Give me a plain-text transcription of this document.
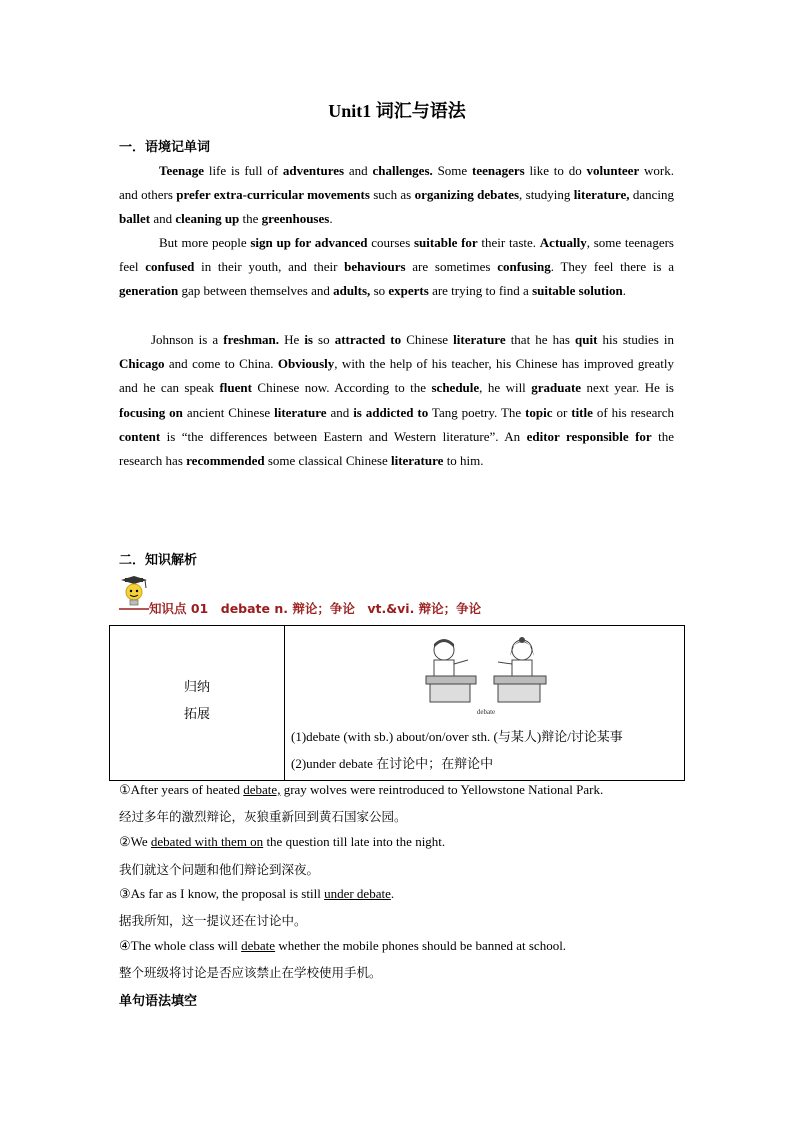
Unit1 词汇与语法
一．语境记单词
Teenage life is full of adventures and challenges. Some teenagers like to do volunteer work. and others prefer extra-curricular movements such as organizing debates, studying literature, dancing ballet and cleaning up the greenhouses.
But more people sign up for advanced courses suitable for their taste. Actually, some teenagers feel confused in their youth, and their behaviours are sometimes confusing. They feel there is a generation gap between themselves and adults, so experts are trying to find a suitable solution.
Johnson is a freshman. He is so attracted to Chinese literature that he has quit his studies in Chicago and come to China. Obviously, with the help of his teacher, his Chinese has improved greatly and he can speak fluent Chinese now. According to the schedule, he will graduate next year. He is focusing on ancient Chinese literature and is addicted to Tang poetry. The topic or title of his research content is “the differences between Eastern and Western literature”. An editor responsible for the research has recommended some classical Chinese literature to him.
二．知识解析
知识点 01　debate n. 辩论；争论　vt.&vi. 辩论；争论
归纳
拓展	debate
(1)debate (with sb.) about/on/over sth. (与某人)辩论/讨论某事
(2)under debate 在讨论中；在辩论中
①After years of heated debate, gray wolves were reintroduced to Yellowstone National Park.
经过多年的激烈辩论，灰狼重新回到黄石国家公园。
②We debated with them on the question till late into the night.
我们就这个问题和他们辩论到深夜。
③As far as I know, the proposal is still under debate.
据我所知，这一提议还在讨论中。
④The whole class will debate whether the mobile phones should be banned at school.
整个班级将讨论是否应该禁止在学校使用手机。
单句语法填空
